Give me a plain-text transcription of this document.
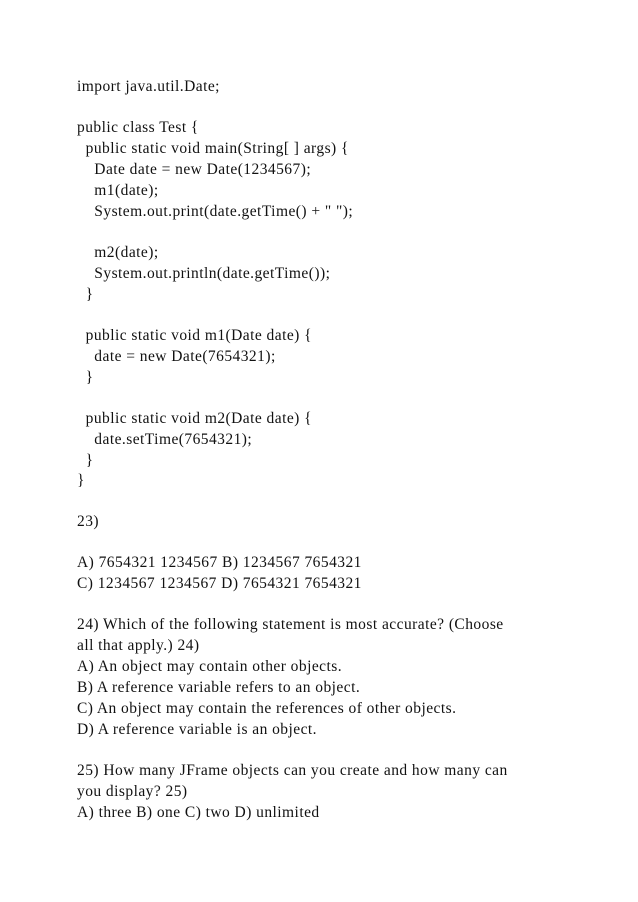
import java.util.Date;
public class Test {
public static void main(String[ ] args) {
Date date = new Date(1234567);
m1(date);
System.out.print(date.getTime() + " ");
m2(date);
System.out.println(date.getTime());
}
public static void m1(Date date) {
date = new Date(7654321);
}
public static void m2(Date date) {
date.setTime(7654321);
}
}
23)
A) 7654321 1234567 B) 1234567 7654321
C) 1234567 1234567 D) 7654321 7654321
24) Which of the following statement is most accurate? (Choose
all that apply.) 24)
A) An object may contain other objects.
B) A reference variable refers to an object.
C) An object may contain the references of other objects.
D) A reference variable is an object.
25) How many JFrame objects can you create and how many can
you display? 25)
A) three B) one C) two D) unlimited
